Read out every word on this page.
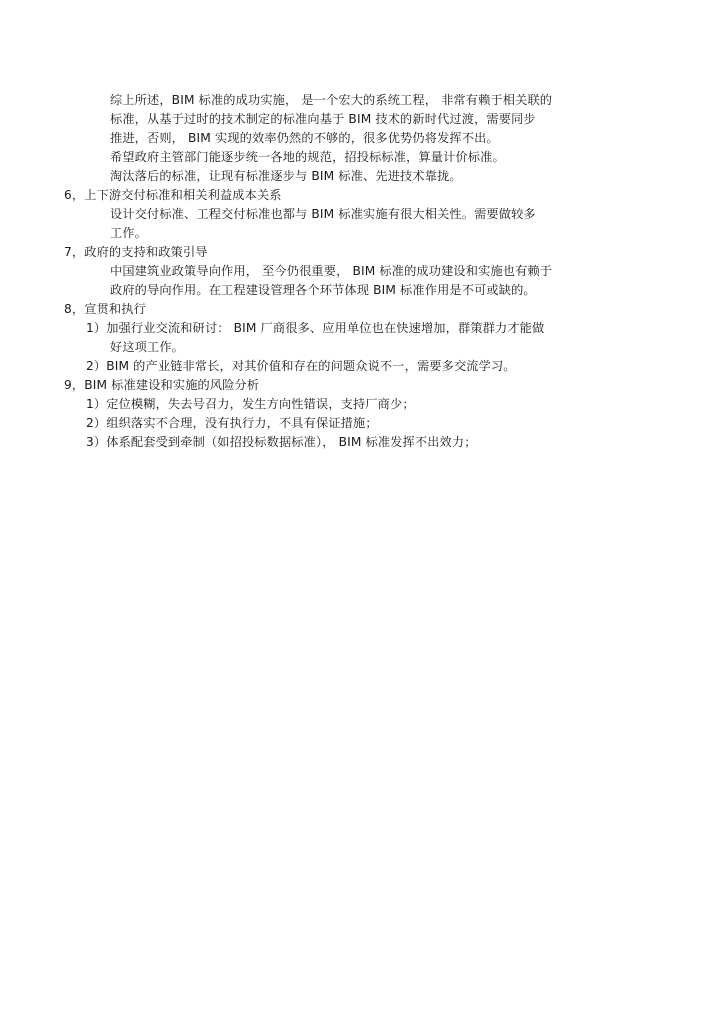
综上所述，BIM 标准的成功实施， 是一个宏大的系统工程， 非常有赖于相关联的
标准，从基于过时的技术制定的标准向基于 BIM 技术的新时代过渡，需要同步
推进，否则， BIM 实现的效率仍然的不够的，很多优势仍将发挥不出。
希望政府主管部门能逐步统一各地的规范，招投标标准，算量计价标准。
淘汰落后的标准，让现有标准逐步与 BIM 标准、先进技术靠拢。
6，上下游交付标准和相关利益成本关系
设计交付标准、工程交付标准也都与 BIM 标准实施有很大相关性。需要做较多
工作。
7，政府的支持和政策引导
中国建筑业政策导向作用， 至今仍很重要， BIM 标准的成功建设和实施也有赖于
政府的导向作用。在工程建设管理各个环节体现 BIM 标准作用是不可或缺的。
8，宣贯和执行
1）加强行业交流和研讨： BIM 厂商很多、应用单位也在快速增加，群策群力才能做
好这项工作。
2）BIM 的产业链非常长，对其价值和存在的问题众说不一，需要多交流学习。
9，BIM 标准建设和实施的风险分析
1）定位模糊，失去号召力，发生方向性错误，支持厂商少；
2）组织落实不合理，没有执行力，不具有保证措施；
3）体系配套受到牵制（如招投标数据标准）， BIM 标准发挥不出效力；
